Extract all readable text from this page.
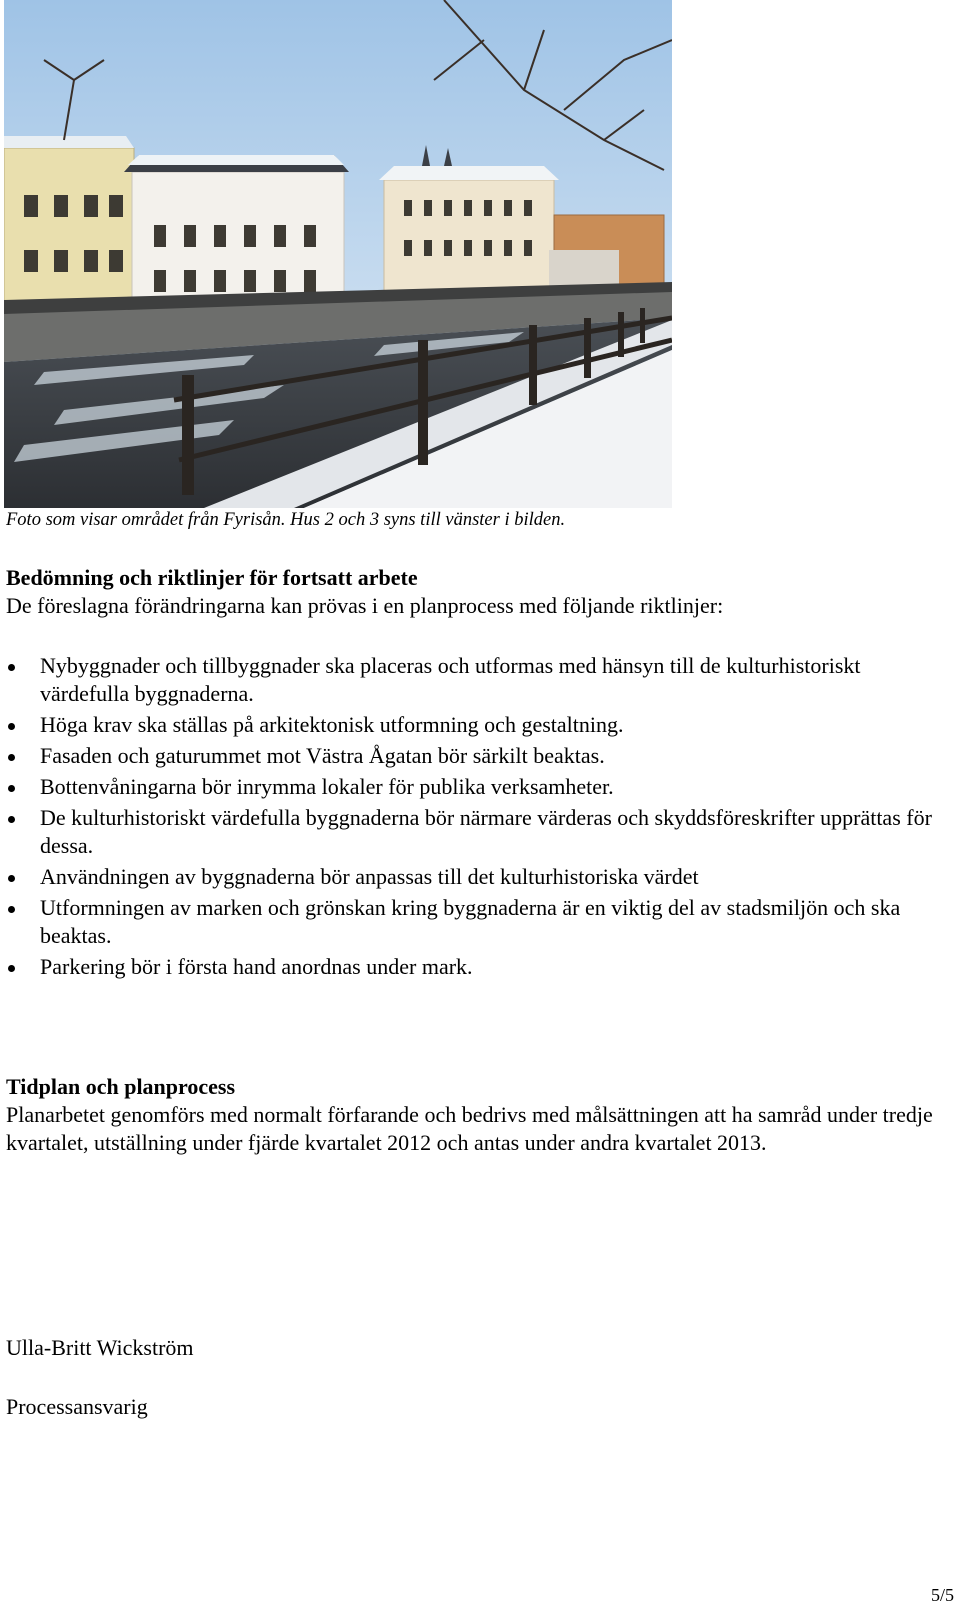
Foto som visar området från Fyrisån. Hus 2 och 3 syns till vänster i bilden.

Bedömning och riktlinjer för fortsatt arbete

De föreslagna förändringarna kan prövas i en planprocess med följande riktlinjer:

Nybyggnader och tillbyggnader ska placeras och utformas med hänsyn till de kulturhistoriskt värdefulla byggnaderna.
Höga krav ska ställas på arkitektonisk utformning och gestaltning.
Fasaden och gaturummet mot Västra Ågatan bör särkilt beaktas.
Bottenvåningarna bör inrymma lokaler för publika verksamheter.
De kulturhistoriskt värdefulla byggnaderna bör närmare värderas och skyddsföreskrifter upprättas för dessa.
Användningen av byggnaderna bör anpassas till det kulturhistoriska värdet
Utformningen av marken och grönskan kring byggnaderna är en viktig del av stadsmiljön och ska beaktas.
Parkering bör i första hand anordnas under mark.

Tidplan och planprocess

Planarbetet genomförs med normalt förfarande och bedrivs med målsättningen att ha samråd under tredje kvartalet, utställning under fjärde kvartalet 2012 och antas under andra kvartalet 2013.

Ulla-Britt Wickström
Processansvarig
5/5
